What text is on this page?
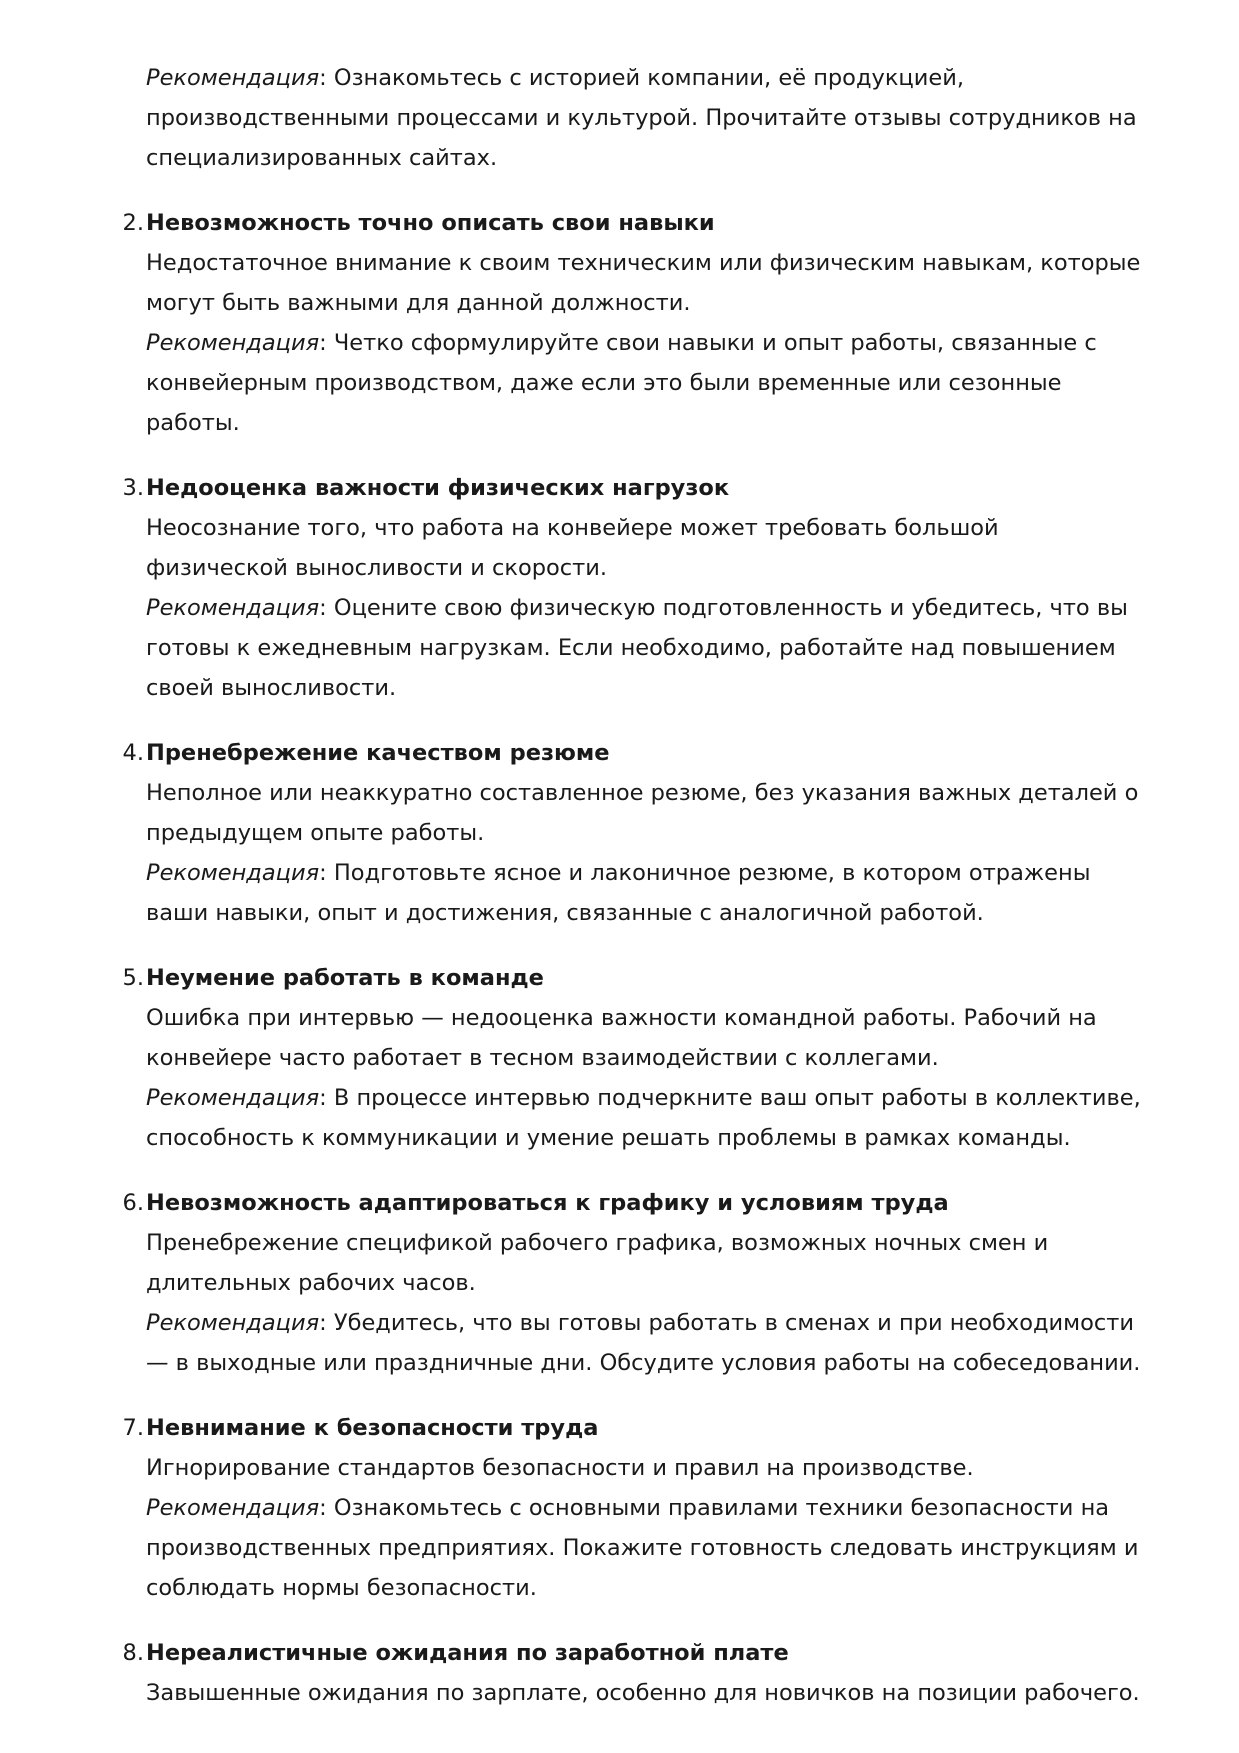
Рекомендация: Ознакомьтесь с историей компании, её продукцией, производственными процессами и культурой. Прочитайте отзывы сотрудников на специализированных сайтах.

2. Невозможность точно описать свои навыки
Недостаточное внимание к своим техническим или физическим навыкам, которые могут быть важными для данной должности.
Рекомендация: Четко сформулируйте свои навыки и опыт работы, связанные с конвейерным производством, даже если это были временные или сезонные работы.
3. Недооценка важности физических нагрузок
Неосознание того, что работа на конвейере может требовать большой физической выносливости и скорости.
Рекомендация: Оцените свою физическую подготовленность и убедитесь, что вы готовы к ежедневным нагрузкам. Если необходимо, работайте над повышением своей выносливости.
4. Пренебрежение качеством резюме
Неполное или неаккуратно составленное резюме, без указания важных деталей о предыдущем опыте работы.
Рекомендация: Подготовьте ясное и лаконичное резюме, в котором отражены ваши навыки, опыт и достижения, связанные с аналогичной работой.
5. Неумение работать в команде
Ошибка при интервью — недооценка важности командной работы. Рабочий на конвейере часто работает в тесном взаимодействии с коллегами.
Рекомендация: В процессе интервью подчеркните ваш опыт работы в коллективе, способность к коммуникации и умение решать проблемы в рамках команды.
6. Невозможность адаптироваться к графику и условиям труда
Пренебрежение спецификой рабочего графика, возможных ночных смен и длительных рабочих часов.
Рекомендация: Убедитесь, что вы готовы работать в сменах и при необходимости — в выходные или праздничные дни. Обсудите условия работы на собеседовании.
7. Невнимание к безопасности труда
Игнорирование стандартов безопасности и правил на производстве.
Рекомендация: Ознакомьтесь с основными правилами техники безопасности на производственных предприятиях. Покажите готовность следовать инструкциям и соблюдать нормы безопасности.
8. Нереалистичные ожидания по заработной плате
Завышенные ожидания по зарплате, особенно для новичков на позиции рабочего.
